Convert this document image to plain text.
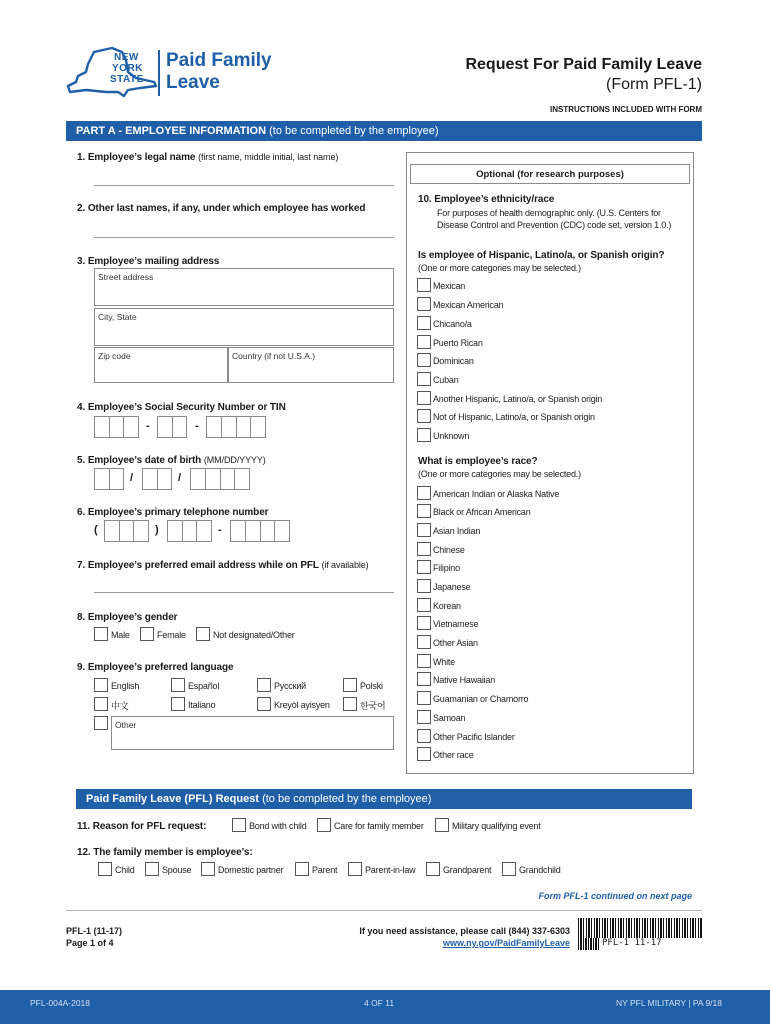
NEW
YORK
STATE
Paid Family
Leave
Request For Paid Family Leave
(Form PFL-1)
INSTRUCTIONS INCLUDED WITH FORM
PART A - EMPLOYEE INFORMATION (to be completed by the employee)
1. Employee’s legal name (first name, middle initial, last name)
2. Other last names, if any, under which employee has worked
3. Employee’s mailing address
Street address
City, State
Zip code	Country (if not U.S.A.)
4. Employee’s Social Security Number or TIN
-	-
5. Employee’s date of birth (MM/DD/YYYY)
/	/
6. Employee’s primary telephone number
(	)	-
7. Employee’s preferred email address while on PFL (if available)
8. Employee’s gender
Male	Female	Not designated/Other
9. Employee’s preferred language
English	Español	Русский	Polski
中文	Italiano	Kreyòl ayisyen	한국어
Other
Optional (for research purposes)
10. Employee’s ethnicity/race
For purposes of health demographic only. (U.S. Centers for
Disease Control and Prevention (CDC) code set, version 1.0.)
Is employee of Hispanic, Latino/a, or Spanish origin?
(One or more categories may be selected.)
Mexican
Mexican American
Chicano/a
Puerto Rican
Dominican
Cuban
Another Hispanic, Latino/a, or Spanish origin
Not of Hispanic, Latino/a, or Spanish origin
Unknown
What is employee’s race?
(One or more categories may be selected.)
American Indian or Alaska Native
Black or African American
Asian Indian
Chinese
Filipino
Japanese
Korean
Vietnamese
Other Asian
White
Native Hawaiian
Guamanian or Chamorro
Samoan
Other Pacific Islander
Other race
Paid Family Leave (PFL) Request (to be completed by the employee)
11. Reason for PFL request:	Bond with child	Care for family member	Military qualifying event
12. The family member is employee’s:
Child	Spouse	Domestic partner	Parent	Parent-in-law	Grandparent	Grandchild
Form PFL-1 continued on next page
PFL-1 (11-17)
Page 1 of 4
If you need assistance, please call (844) 337-6303
www.ny.gov/PaidFamilyLeave	PFL-1 11-17
PFL-004A-2018	4 OF 11	NY PFL MILITARY | PA 9/18
